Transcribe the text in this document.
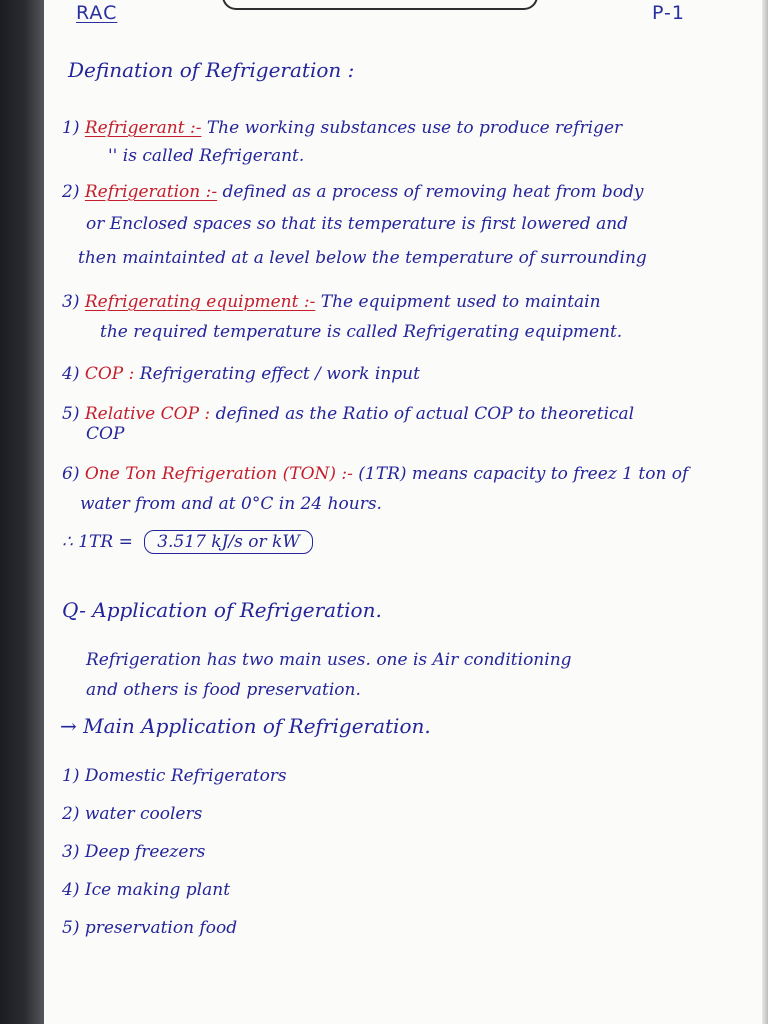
RAC	P-1
Defination of Refrigeration :
1) Refrigerant :- The working substances use to produce refriger
'' is called Refrigerant.
2) Refrigeration :- defined as a process of removing heat from body
or Enclosed spaces so that its temperature is first lowered and
then maintainted at a level below the temperature of surrounding
3) Refrigerating equipment :- The equipment used to maintain
the required temperature is called Refrigerating equipment.
4) COP : Refrigerating effect / work input
5) Relative COP : defined as the Ratio of actual COP to theoretical
COP
6) One Ton Refrigeration (TON) :- (1TR) means capacity to freez 1 ton of
water from and at 0°C in 24 hours.
∴ 1TR = 3.517 kJ/s or kW
Q- Application of Refrigeration.
Refrigeration has two main uses. one is Air conditioning
and others is food preservation.
→ Main Application of Refrigeration.
1) Domestic Refrigerators
2) water coolers
3) Deep freezers
4) Ice making plant
5) preservation food
